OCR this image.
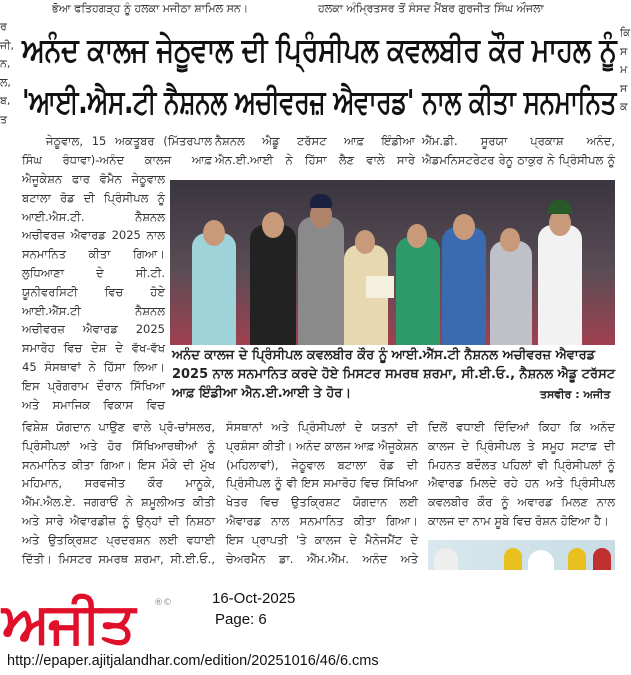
ਭੋਆ ਫਤਿਹਗੜ੍ਹ ਨੂੰ ਹਲਕਾ ਮਜੀਠਾ ਸ਼ਾਮਿਲ ਸਨ।	ਹਲਕਾ ਅੰਮ੍ਰਿਤਸਰ ਤੋਂ ਸੰਸਦ ਮੈਂਬਰ ਗੁਰਜੀਤ ਸਿੰਘ ਔਜਲਾ
ਰ
ਜੀ,
ਨ,
ਲ,
ਬ,
ਤ
ਕਿ
ਸ
ਮ
ਸ
ਕ
ਅਨੰਦ ਕਾਲਜ ਜੇਠੂਵਾਲ ਦੀ ਪ੍ਰਿੰਸੀਪਲ ਕਵਲਬੀਰ ਕੌਰ ਮਾਹਲ ਨੂੰ
'ਆਈ.ਐਸ.ਟੀ ਨੈਸ਼ਨਲ ਅਚੀਵਰਜ਼ ਐਵਾਰਡ' ਨਾਲ ਕੀਤਾ ਸਨਮਾਨਿਤ
ਜੇਠੂਵਾਲ, 15 ਅਕਤੂਬਰ (ਮਿੱਤਰਪਾਲ ਨੈਸ਼ਨਲ ਐਡੂ ਟਰੱਸਟ ਆਫ਼ ਇੰਡੀਆ ਐੱਮ.ਡੀ. ਸੂਰਯਾ ਪ੍ਰਕਾਸ਼ ਅਨੰਦ,
ਸਿੰਘ ਰੰਧਾਵਾ)-ਅਨੰਦ ਕਾਲਜ ਆਫ਼ ਐਨ.ਈ.ਆਈ ਨੇ ਹਿੱਸਾ ਲੈਣ ਵਾਲੇ ਸਾਰੇ ਐਡਮਨਿਸਟਰੇਟਰ ਰੇਨੂ ਠਾਕੁਰ ਨੇ ਪ੍ਰਿੰਸੀਪਲ ਨੂੰ
ਐਜੂਕੇਸ਼ਨ ਫਾਰ ਵੋਮੈਨ ਜੇਠੂਵਾਲ
ਬਟਾਲਾ ਰੋਡ ਦੀ ਪ੍ਰਿੰਸੀਪਲ ਨੂੰ
ਆਈ.ਐਸ.ਟੀ. ਨੈਸ਼ਨਲ
ਅਚੀਵਰਜ਼ ਐਵਾਰਡ 2025 ਨਾਲ
ਸਨਮਾਨਿਤ ਕੀਤਾ ਗਿਆ।
ਲੁਧਿਆਣਾ ਦੇ ਸੀ.ਟੀ.
ਯੂਨੀਵਰਸਿਟੀ ਵਿਚ ਹੋਏ
ਆਈ.ਐੱਸ.ਟੀ ਨੈਸ਼ਨਲ
ਅਚੀਵਰਜ਼ ਐਵਾਰਡ 2025
ਸਮਾਰੋਹ ਵਿਚ ਦੇਸ਼ ਦੇ ਵੱਖ-ਵੱਖ
45 ਸੰਸਥਾਵਾਂ ਨੇ ਹਿੱਸਾ ਲਿਆ।
ਇਸ ਪ੍ਰੋਗਰਾਮ ਦੌਰਾਨ ਸਿੱਖਿਆ
ਅਤੇ ਸਮਾਜਿਕ ਵਿਕਾਸ ਵਿਚ
ਵਿਸ਼ੇਸ਼ ਯੋਗਦਾਨ ਪਾਉਣ ਵਾਲੇ ਪ੍ਰੋ-ਚਾਂਸਲਰ,
ਪ੍ਰਿੰਸੀਪਲਾਂ ਅਤੇ ਹੋਰ ਸਿੱਖਿਆਰਥੀਆਂ ਨੂੰ
ਸਨਮਾਨਿਤ ਕੀਤਾ ਗਿਆ। ਇਸ ਮੌਕੇ ਦੀ ਮੁੱਖ
ਮਹਿਮਾਨ, ਸਰਵਜੀਤ ਕੌਰ ਮਾਨੂਕੇ,
ਐੱਮ.ਐਲ.ਏ. ਜਗਰਾਓਂ ਨੇ ਸ਼ਮੂਲੀਅਤ ਕੀਤੀ
ਅਤੇ ਸਾਰੇ ਐਵਾਰਡੀਜ਼ ਨੂੰ ਉਨ੍ਹਾਂ ਦੀ ਨਿਸ਼ਠਾ
ਅਤੇ ਉਤਕ੍ਰਿਸ਼ਟ ਪ੍ਰਦਰਸ਼ਨ ਲਈ ਵਧਾਈ
ਦਿੱਤੀ। ਮਿਸਟਰ ਸਮਰਥ ਸ਼ਰਮਾ, ਸੀ.ਈ.ਓ.,
ਸੰਸਥਾਨਾਂ ਅਤੇ ਪ੍ਰਿੰਸੀਪਲਾਂ ਦੇ ਯਤਨਾਂ ਦੀ
ਪ੍ਰਸ਼ੰਸਾ ਕੀਤੀ। ਅਨੰਦ ਕਾਲਜ ਆਫ਼ ਐਜੂਕੇਸ਼ਨ
(ਮਹਿਲਾਵਾਂ), ਜੇਠੂਵਾਲ ਬਟਾਲਾ ਰੋਡ ਦੀ
ਪ੍ਰਿੰਸੀਪਲ ਨੂੰ ਵੀ ਇਸ ਸਮਾਰੋਹ ਵਿਚ ਸਿੱਖਿਆ
ਖੇਤਰ ਵਿਚ ਉਤਕ੍ਰਿਸ਼ਟ ਯੋਗਦਾਨ ਲਈ
ਐਵਾਰਡ ਨਾਲ ਸਨਮਾਨਿਤ ਕੀਤਾ ਗਿਆ।
ਇਸ ਪ੍ਰਾਪਤੀ 'ਤੇ ਕਾਲਜ ਦੇ ਮੈਨੇਜਮੈਂਟ ਦੇ
ਚੇਅਰਮੈਨ ਡਾ. ਐੱਮ.ਐੱਮ. ਅਨੰਦ ਅਤੇ
ਦਿਲੋਂ ਵਧਾਈ ਦਿੰਦਿਆਂ ਕਿਹਾ ਕਿ ਅਨੰਦ
ਕਾਲਜ ਦੇ ਪ੍ਰਿੰਸੀਪਲ ਤੇ ਸਮੂਹ ਸਟਾਫ਼ ਦੀ
ਮਿਹਨਤ ਬਦੌਲਤ ਪਹਿਲਾਂ ਵੀ ਪ੍ਰਿੰਸੀਪਲਾਂ ਨੂੰ
ਐਵਾਰਡ ਮਿਲਦੇ ਰਹੇ ਹਨ ਅਤੇ ਪ੍ਰਿੰਸੀਪਲ
ਕਵਲਬੀਰ ਕੌਰ ਨੂੰ ਅਵਾਰਡ ਮਿਲਣ ਨਾਲ
ਕਾਲਜ ਦਾ ਨਾਮ ਸੂਬੇ ਵਿਚ ਰੋਸ਼ਨ ਹੋਇਆ ਹੈ।
ਅਨੰਦ ਕਾਲਜ ਦੇ ਪ੍ਰਿੰਸੀਪਲ ਕਵਲਬੀਰ ਕੌਰ ਨੂੰ ਆਈ.ਐੱਸ.ਟੀ ਨੈਸ਼ਨਲ ਅਚੀਵਰਜ਼ ਐਵਾਰਡ
2025 ਨਾਲ ਸਨਮਾਨਿਤ ਕਰਦੇ ਹੋਏ ਮਿਸਟਰ ਸਮਰਥ ਸ਼ਰਮਾ, ਸੀ.ਈ.ਓ., ਨੈਸ਼ਨਲ ਐਡੂ ਟਰੱਸਟ
ਆਫ਼ ਇੰਡੀਆ ਐਨ.ਈ.ਆਈ ਤੇ ਹੋਰ।	ਤਸਵੀਰ : ਅਜੀਤ
ਅਜੀਤ	®©	16-Oct-2025
Page: 6
http://epaper.ajitjalandhar.com/edition/20251016/46/6.cms
